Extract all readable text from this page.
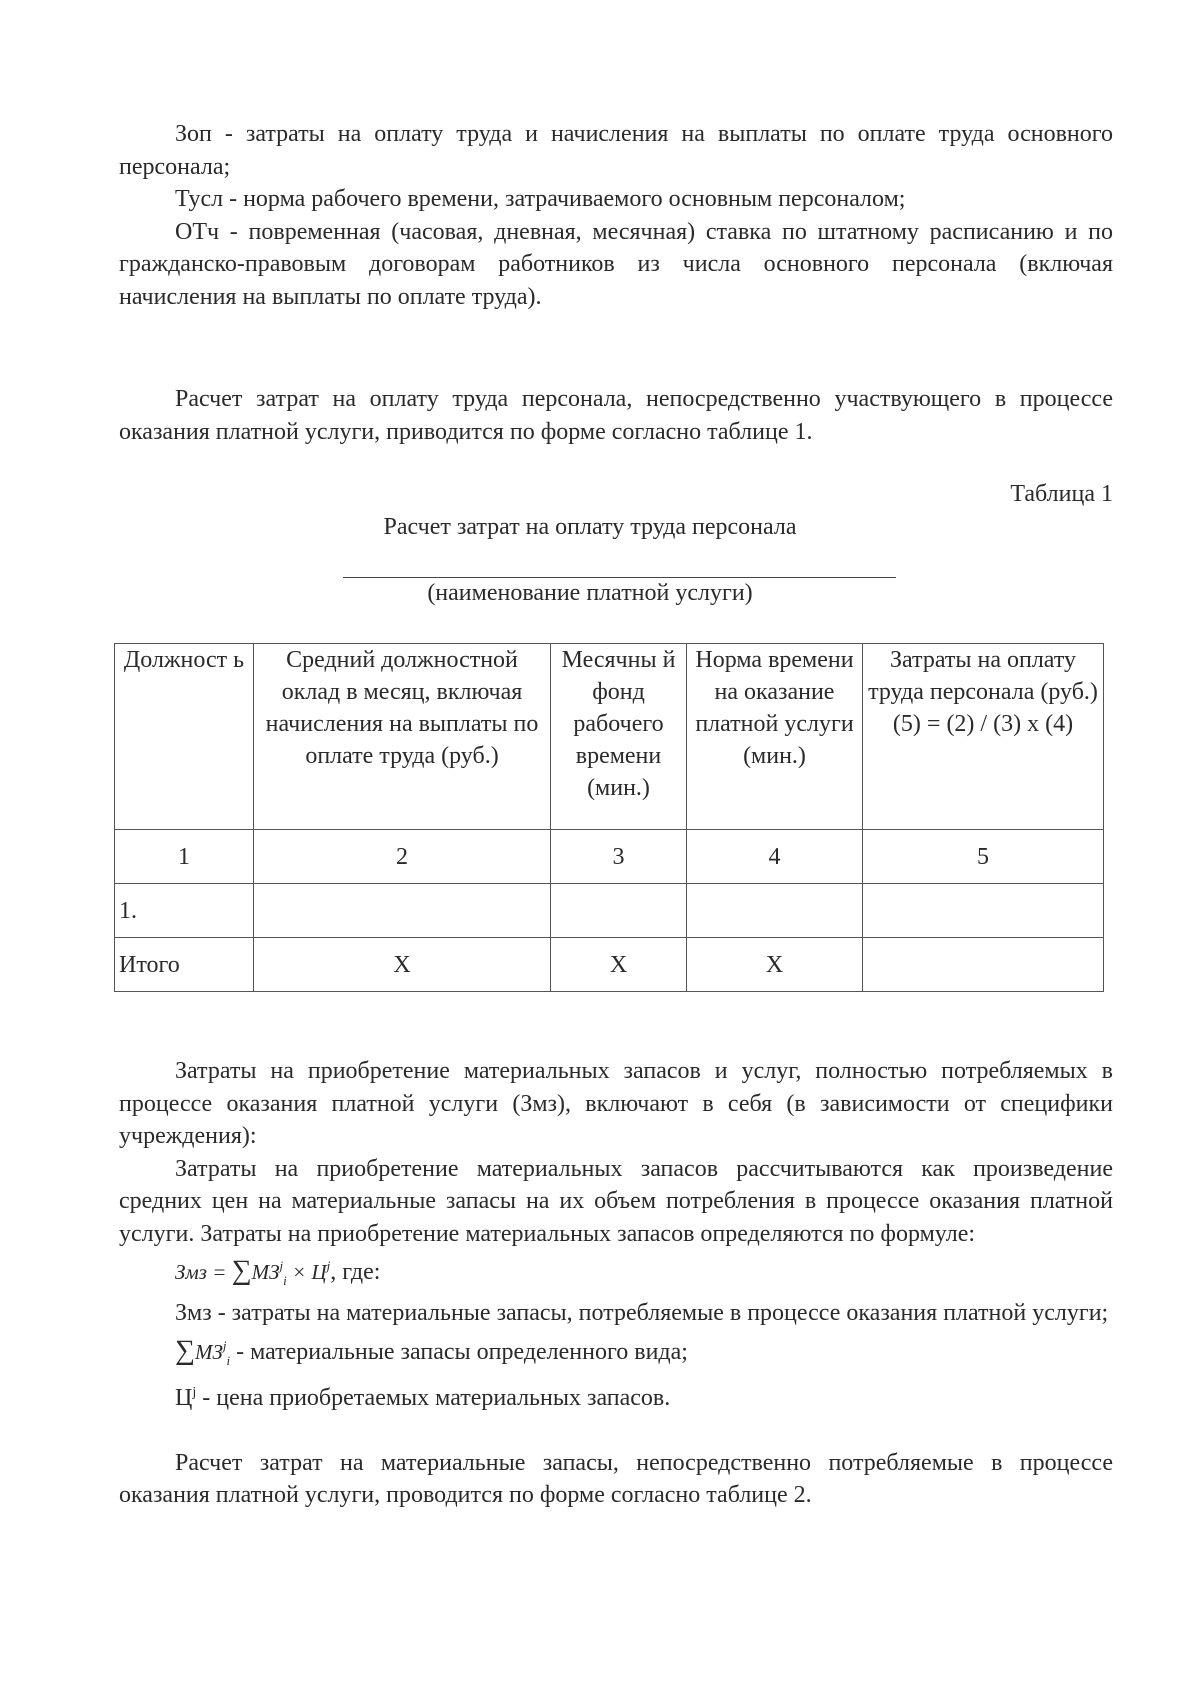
Зоп - затраты на оплату труда и начисления на выплаты по оплате труда основного персонала;

Тусл - норма рабочего времени, затрачиваемого основным персоналом;

ОТч - повременная (часовая, дневная, месячная) ставка по штатному расписанию и по гражданско-правовым договорам работников из числа основного персонала (включая начисления на выплаты по оплате труда).

Расчет затрат на оплату труда персонала, непосредственно участвующего в процессе оказания платной услуги, приводится по форме согласно таблице 1.

Таблица 1
Расчет затрат на оплату труда персонала
(наименование платной услуги)
Должност ь	Средний должностной оклад в месяц, включая начисления на выплаты по оплате труда (руб.)	Месячны й фонд рабочего времени (мин.)	Норма времени на оказание платной услуги (мин.)	Затраты на оплату труда персонала (руб.) (5) = (2) / (3) x (4)
1	2	3	4	5
1.				
Итого	X	X	X	

Затраты на приобретение материальных запасов и услуг, полностью потребляемых в процессе оказания платной услуги (Змз), включают в себя (в зависимости от специфики учреждения):

Затраты на приобретение материальных запасов рассчитываются как произведение средних цен на материальные запасы на их объем потребления в процессе оказания платной услуги. Затраты на приобретение материальных запасов определяются по формуле:

Змз = $\sum МЗ^j_i \times Ц^j$, где:

Змз - затраты на материальные запасы, потребляемые в процессе оказания платной услуги;

$\sum МЗ^j_i$ - материальные запасы определенного вида;

$Ц^j$ - цена приобретаемых материальных запасов.

Расчет затрат на материальные запасы, непосредственно потребляемые в процессе оказания платной услуги, проводится по форме согласно таблице 2.
